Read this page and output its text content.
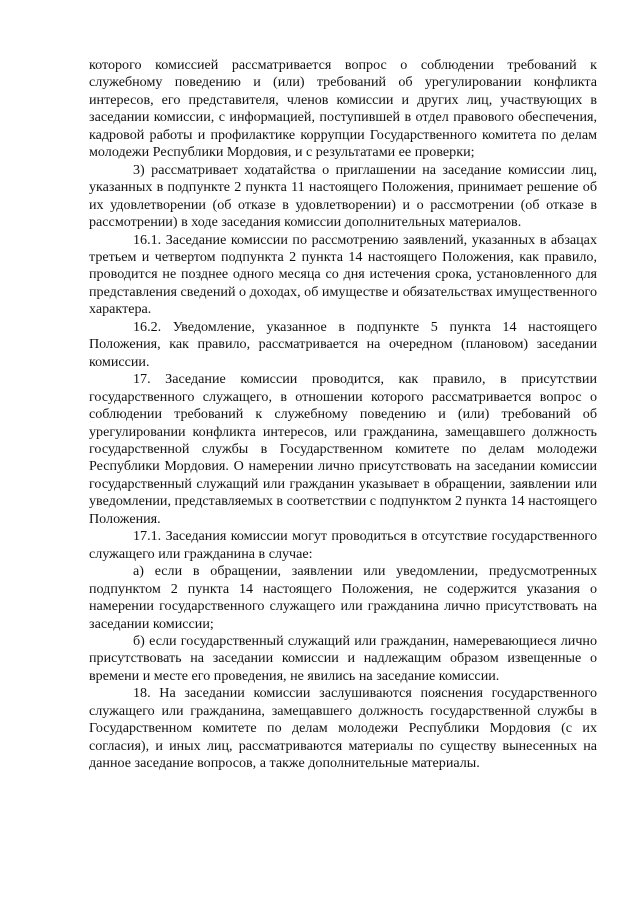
которого комиссией рассматривается вопрос о соблюдении требований к служебному поведению и (или) требований об урегулировании конфликта интересов, его представителя, членов комиссии и других лиц, участвующих в заседании комиссии, с информацией, поступившей в отдел правового обеспечения, кадровой работы и профилактике коррупции Государственного комитета по делам молодежи Республики Мордовия, и с результатами ее проверки;

3) рассматривает ходатайства о приглашении на заседание комиссии лиц, указанных в подпункте 2 пункта 11 настоящего Положения, принимает решение об их удовлетворении (об отказе в удовлетворении) и о рассмотрении (об отказе в рассмотрении) в ходе заседания комиссии дополнительных материалов.

16.1. Заседание комиссии по рассмотрению заявлений, указанных в абзацах третьем и четвертом подпункта 2 пункта 14 настоящего Положения, как правило, проводится не позднее одного месяца со дня истечения срока, установленного для представления сведений о доходах, об имуществе и обязательствах имущественного характера.

16.2. Уведомление, указанное в подпункте 5 пункта 14 настоящего Положения, как правило, рассматривается на очередном (плановом) заседании комиссии.

17. Заседание комиссии проводится, как правило, в присутствии государственного служащего, в отношении которого рассматривается вопрос о соблюдении требований к служебному поведению и (или) требований об урегулировании конфликта интересов, или гражданина, замещавшего должность государственной службы в Государственном комитете по делам молодежи Республики Мордовия. О намерении лично присутствовать на заседании комиссии государственный служащий или гражданин указывает в обращении, заявлении или уведомлении, представляемых в соответствии с подпунктом 2 пункта 14 настоящего Положения.

17.1. Заседания комиссии могут проводиться в отсутствие государственного служащего или гражданина в случае:

а) если в обращении, заявлении или уведомлении, предусмотренных подпунктом 2 пункта 14 настоящего Положения, не содержится указания о намерении государственного служащего или гражданина лично присутствовать на заседании комиссии;

б) если государственный служащий или гражданин, намеревающиеся лично присутствовать на заседании комиссии и надлежащим образом извещенные о времени и месте его проведения, не явились на заседание комиссии.

18. На заседании комиссии заслушиваются пояснения государственного служащего или гражданина, замещавшего должность государственной службы в Государственном комитете по делам молодежи Республики Мордовия (с их согласия), и иных лиц, рассматриваются материалы по существу вынесенных на данное заседание вопросов, а также дополнительные материалы.
